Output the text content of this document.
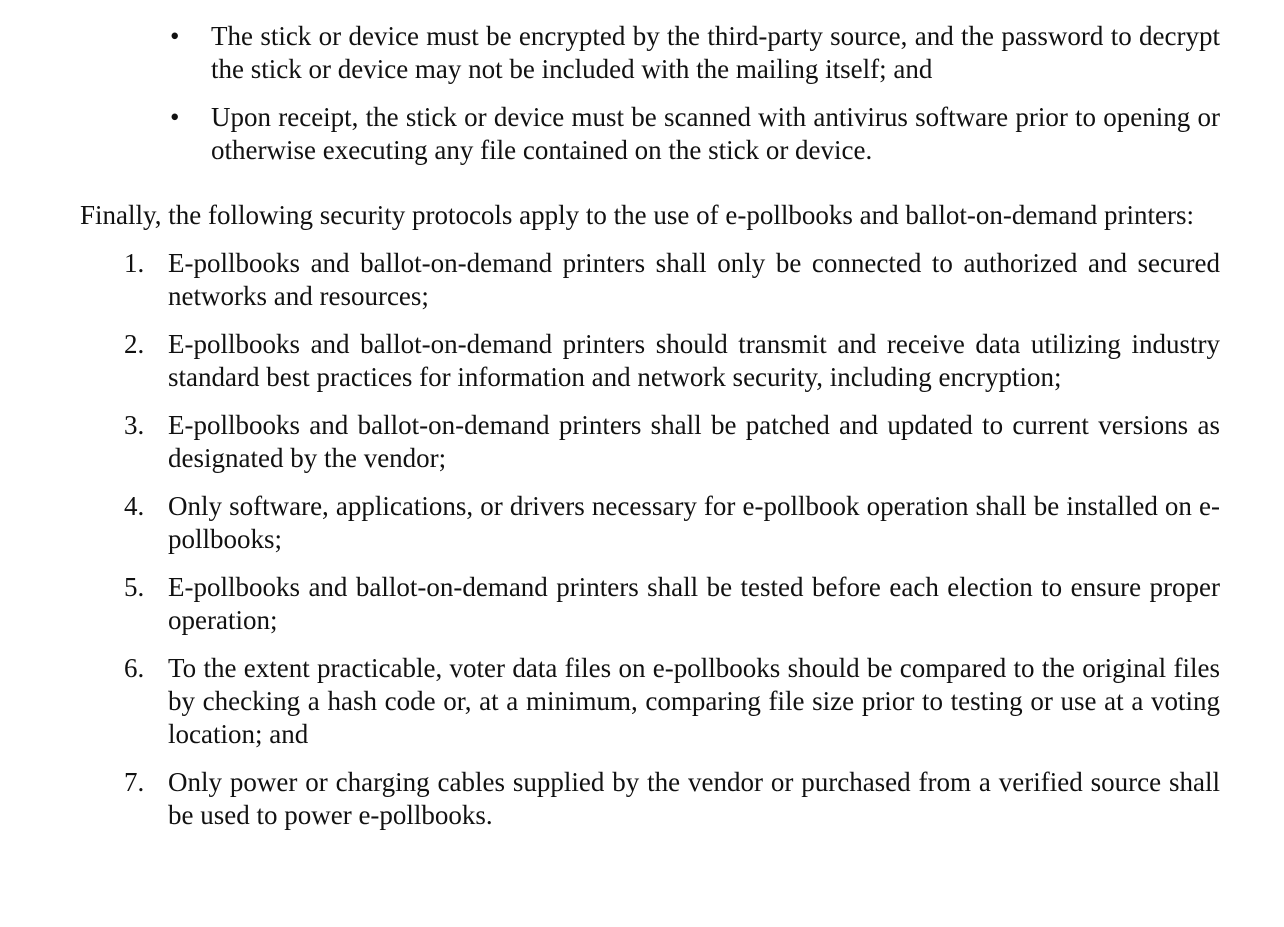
• The stick or device must be encrypted by the third-party source, and the password to decrypt the stick or device may not be included with the mailing itself; and
• Upon receipt, the stick or device must be scanned with antivirus software prior to opening or otherwise executing any file contained on the stick or device.

Finally, the following security protocols apply to the use of e-pollbooks and ballot-on-demand printers:

1. E-pollbooks and ballot-on-demand printers shall only be connected to authorized and secured networks and resources;
2. E-pollbooks and ballot-on-demand printers should transmit and receive data utilizing industry standard best practices for information and network security, including encryption;
3. E-pollbooks and ballot-on-demand printers shall be patched and updated to current versions as designated by the vendor;
4. Only software, applications, or drivers necessary for e-pollbook operation shall be installed on e-pollbooks;
5. E-pollbooks and ballot-on-demand printers shall be tested before each election to ensure proper operation;
6. To the extent practicable, voter data files on e-pollbooks should be compared to the original files by checking a hash code or, at a minimum, comparing file size prior to testing or use at a voting location; and
7. Only power or charging cables supplied by the vendor or purchased from a verified source shall be used to power e-pollbooks.
